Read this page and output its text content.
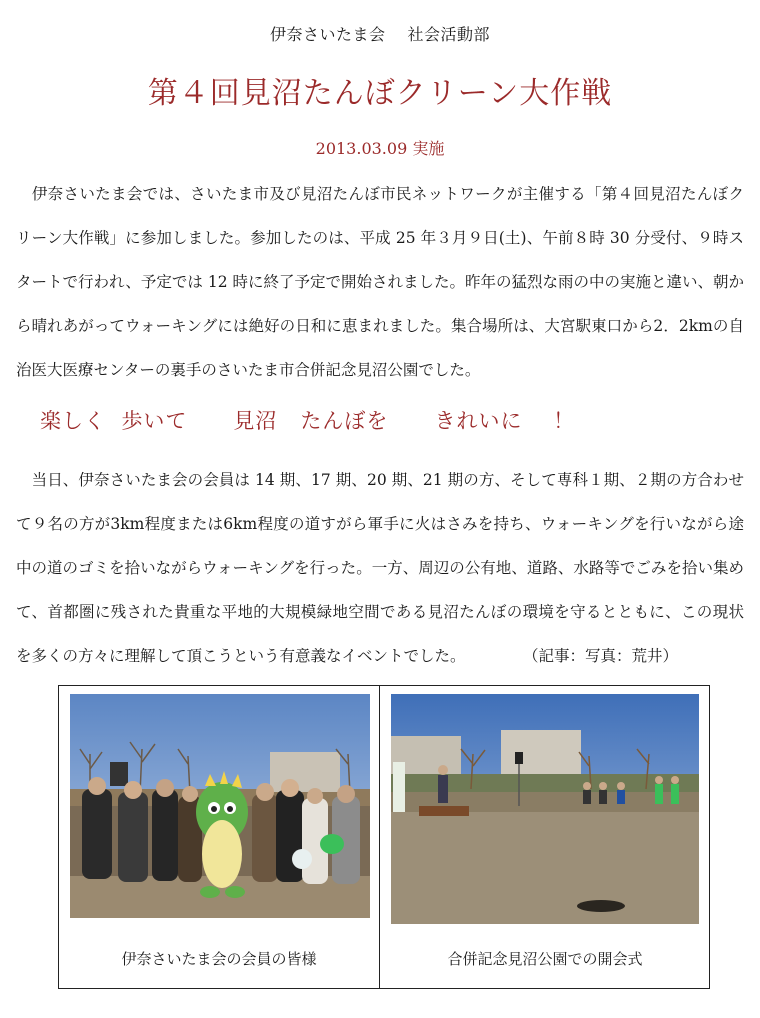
伊奈さいたま会　 社会活動部
第４回見沼たんぼクリーン大作戦
2013.03.09 実施

　伊奈さいたま会では、さいたま市及び見沼たんぼ市民ネットワークが主催する「第４回見沼たんぼクリーン大作戦」に参加しました。参加したのは、平成 25 年３月９日(土)、午前８時 30 分受付、９時スタートで行われ、予定では 12 時に終了予定で開始されました。昨年の猛烈な雨の中の実施と違い、朝から晴れあがってウォーキングには絶好の日和に恵まれました。集合場所は、大宮駅東口から2．2kmの自治医大医療センターの裏手のさいたま市合併記念見沼公園でした。

楽しく  歩いて      見沼   たんぼを      きれいに    ！

　当日、伊奈さいたま会の会員は 14 期、17 期、20 期、21 期の方、そして専科１期、２期の方合わせて９名の方が3km程度または6km程度の道すがら軍手に火はさみを持ち、ウォーキングを行いながら途中の道のゴミを拾いながらウォーキングを行った。一方、周辺の公有地、道路、水路等でごみを拾い集めて、首都圏に残された貴重な平地的大規模緑地空間である見沼たんぼの環境を守るとともに、この現状を多くの方々に理解して頂こうという有意義なイベントでした。	（記事：写真：荒井）

伊奈さいたま会の会員の皆様	合併記念見沼公園での開会式
